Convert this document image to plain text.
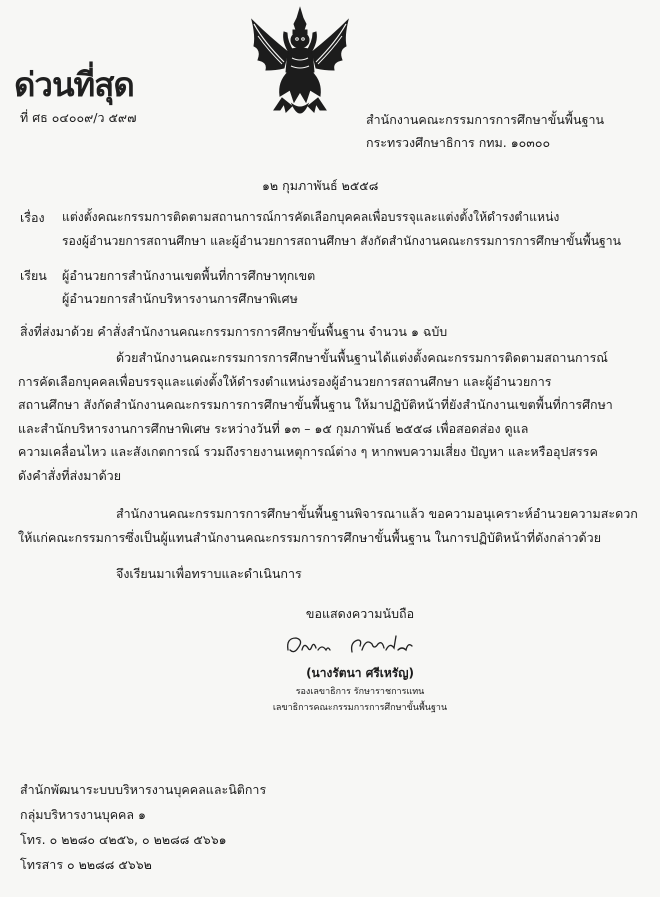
ด่วนที่สุด
ที่ ศธ ๐๔๐๐๙/ว ๕๙๗	สำนักงานคณะกรรมการการศึกษาขั้นพื้นฐาน
กระทรวงศึกษาธิการ กทม. ๑๐๓๐๐
๑๒ กุมภาพันธ์ ๒๕๕๘
เรื่อง แต่งตั้งคณะกรรมการติดตามสถานการณ์การคัดเลือกบุคคลเพื่อบรรจุและแต่งตั้งให้ดำรงตำแหน่ง
รองผู้อำนวยการสถานศึกษา และผู้อำนวยการสถานศึกษา สังกัดสำนักงานคณะกรรมการการศึกษาขั้นพื้นฐาน
เรียน ผู้อำนวยการสำนักงานเขตพื้นที่การศึกษาทุกเขต
ผู้อำนวยการสำนักบริหารงานการศึกษาพิเศษ
สิ่งที่ส่งมาด้วย คำสั่งสำนักงานคณะกรรมการการศึกษาขั้นพื้นฐาน จำนวน ๑ ฉบับ
ด้วยสำนักงานคณะกรรมการการศึกษาขั้นพื้นฐานได้แต่งตั้งคณะกรรมการติดตามสถานการณ์
การคัดเลือกบุคคลเพื่อบรรจุและแต่งตั้งให้ดำรงตำแหน่งรองผู้อำนวยการสถานศึกษา และผู้อำนวยการ
สถานศึกษา สังกัดสำนักงานคณะกรรมการการศึกษาขั้นพื้นฐาน ให้มาปฏิบัติหน้าที่ยังสำนักงานเขตพื้นที่การศึกษา
และสำนักบริหารงานการศึกษาพิเศษ ระหว่างวันที่ ๑๓ – ๑๕ กุมภาพันธ์ ๒๕๕๘ เพื่อสอดส่อง ดูแล
ความเคลื่อนไหว และสังเกตการณ์ รวมถึงรายงานเหตุการณ์ต่าง ๆ หากพบความเสี่ยง ปัญหา และหรืออุปสรรค
ดังคำสั่งที่ส่งมาด้วย
สำนักงานคณะกรรมการการศึกษาขั้นพื้นฐานพิจารณาแล้ว ขอความอนุเคราะห์อำนวยความสะดวก
ให้แก่คณะกรรมการซึ่งเป็นผู้แทนสำนักงานคณะกรรมการการศึกษาขั้นพื้นฐาน ในการปฏิบัติหน้าที่ดังกล่าวด้วย
จึงเรียนมาเพื่อทราบและดำเนินการ
ขอแสดงความนับถือ
(นางรัตนา ศรีเหรัญ)
รองเลขาธิการ รักษาราชการแทน
เลขาธิการคณะกรรมการการศึกษาขั้นพื้นฐาน
สำนักพัฒนาระบบบริหารงานบุคคลและนิติการ
กลุ่มบริหารงานบุคคล ๑
โทร. ๐ ๒๒๘๐ ๔๒๕๖, ๐ ๒๒๘๘ ๕๖๖๑
โทรสาร ๐ ๒๒๘๘ ๕๖๖๒
